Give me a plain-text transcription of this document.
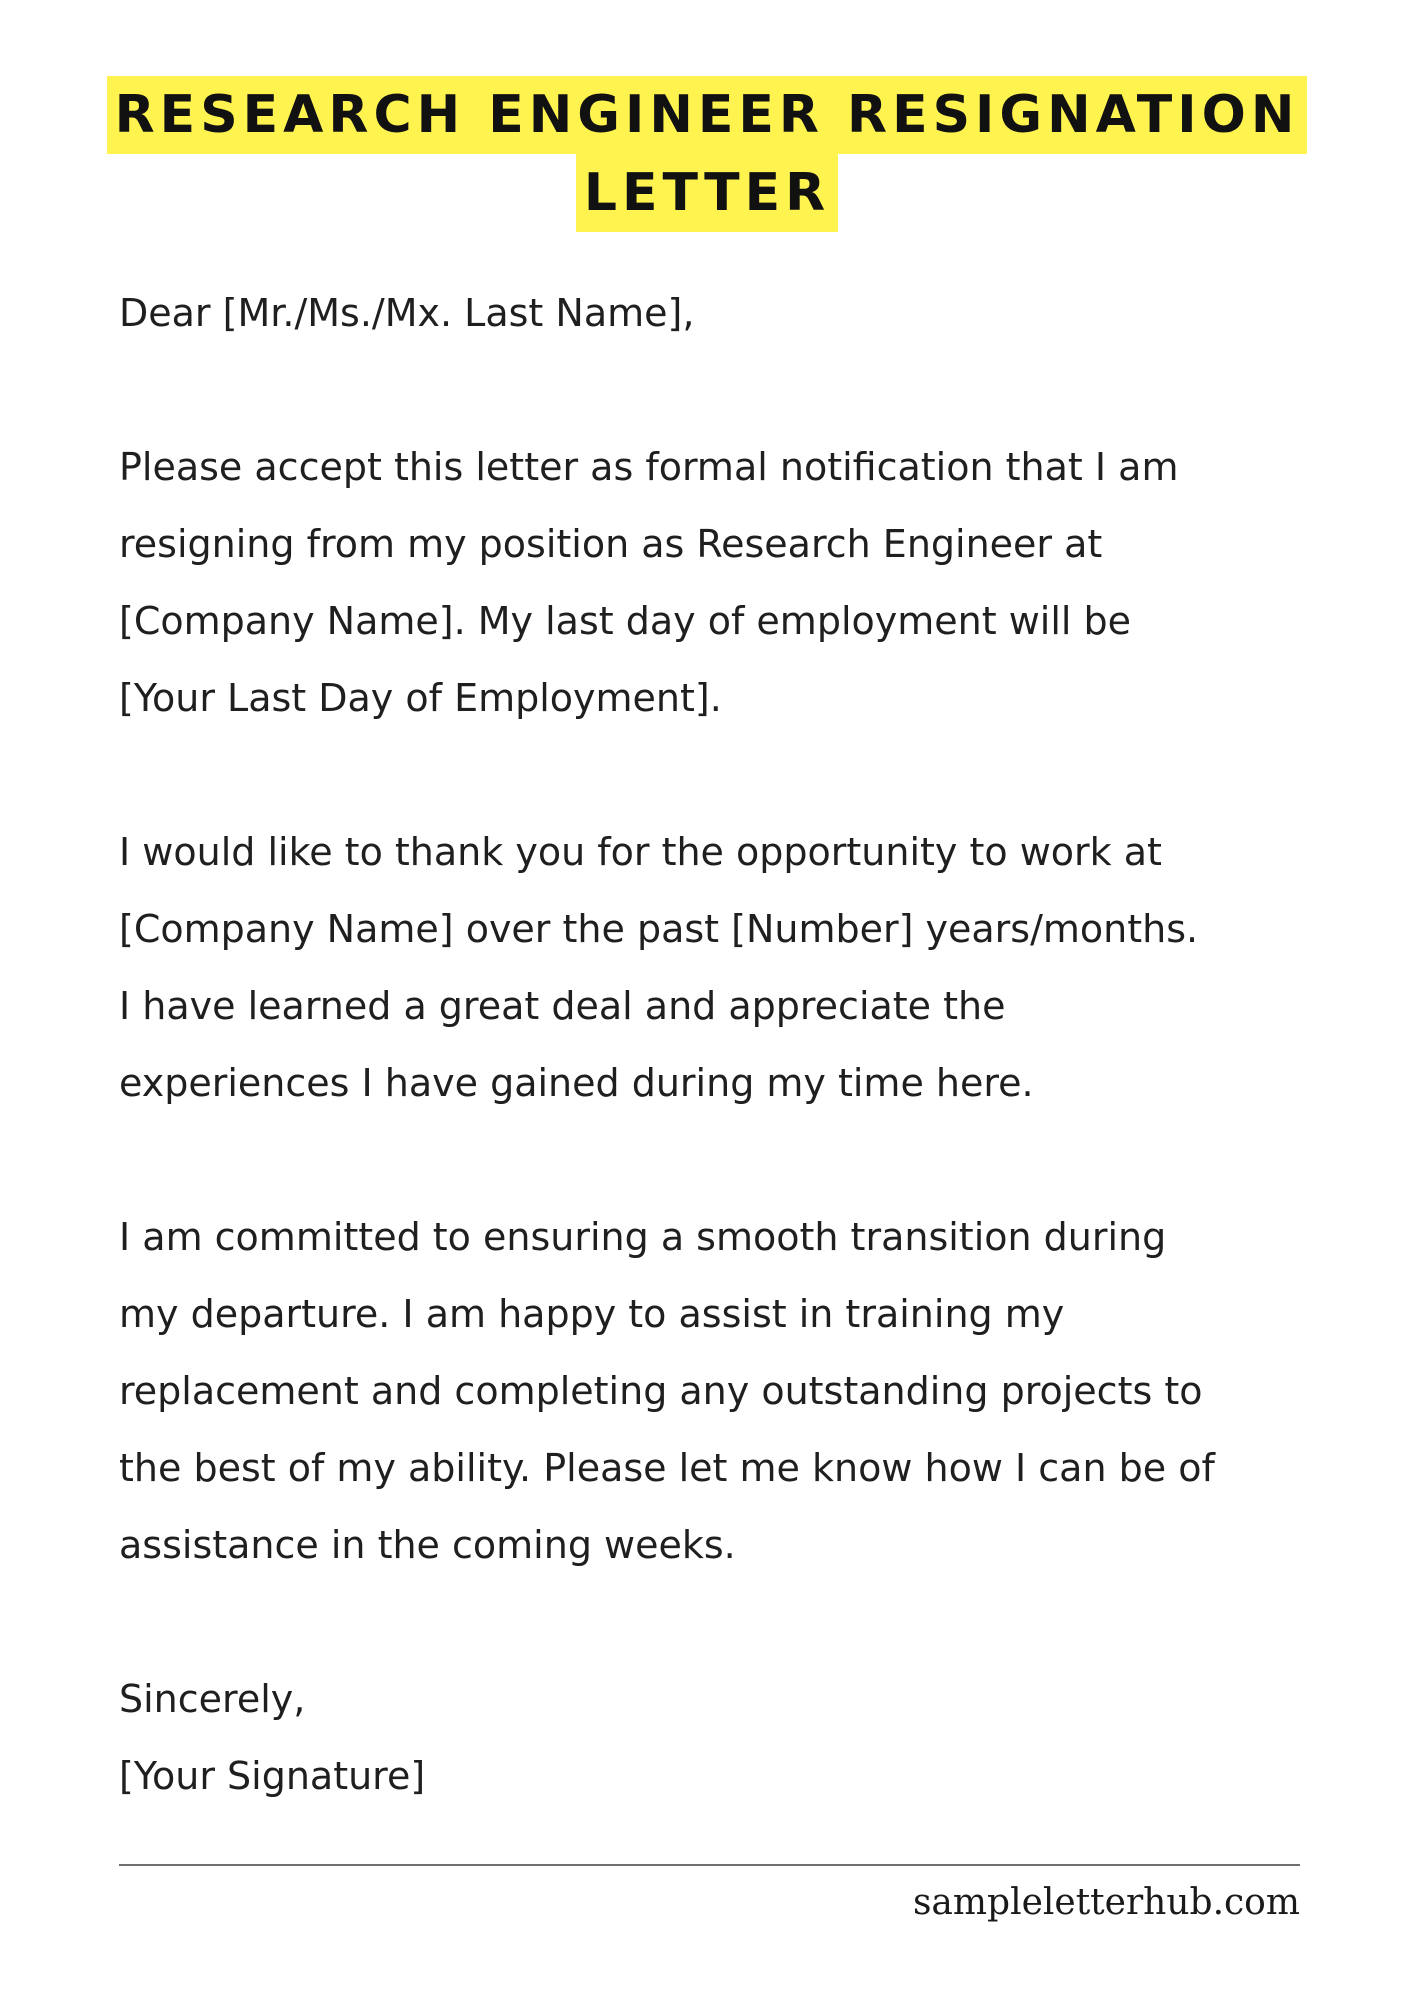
RESEARCH ENGINEER RESIGNATION
LETTER
Dear [Mr./Ms./Mx. Last Name],
Please accept this letter as formal notification that I am
resigning from my position as Research Engineer at
[Company Name]. My last day of employment will be
[Your Last Day of Employment].
I would like to thank you for the opportunity to work at
[Company Name] over the past [Number] years/months.
I have learned a great deal and appreciate the
experiences I have gained during my time here.
I am committed to ensuring a smooth transition during
my departure. I am happy to assist in training my
replacement and completing any outstanding projects to
the best of my ability. Please let me know how I can be of
assistance in the coming weeks.
Sincerely,
[Your Signature]
sampleletterhub.com
